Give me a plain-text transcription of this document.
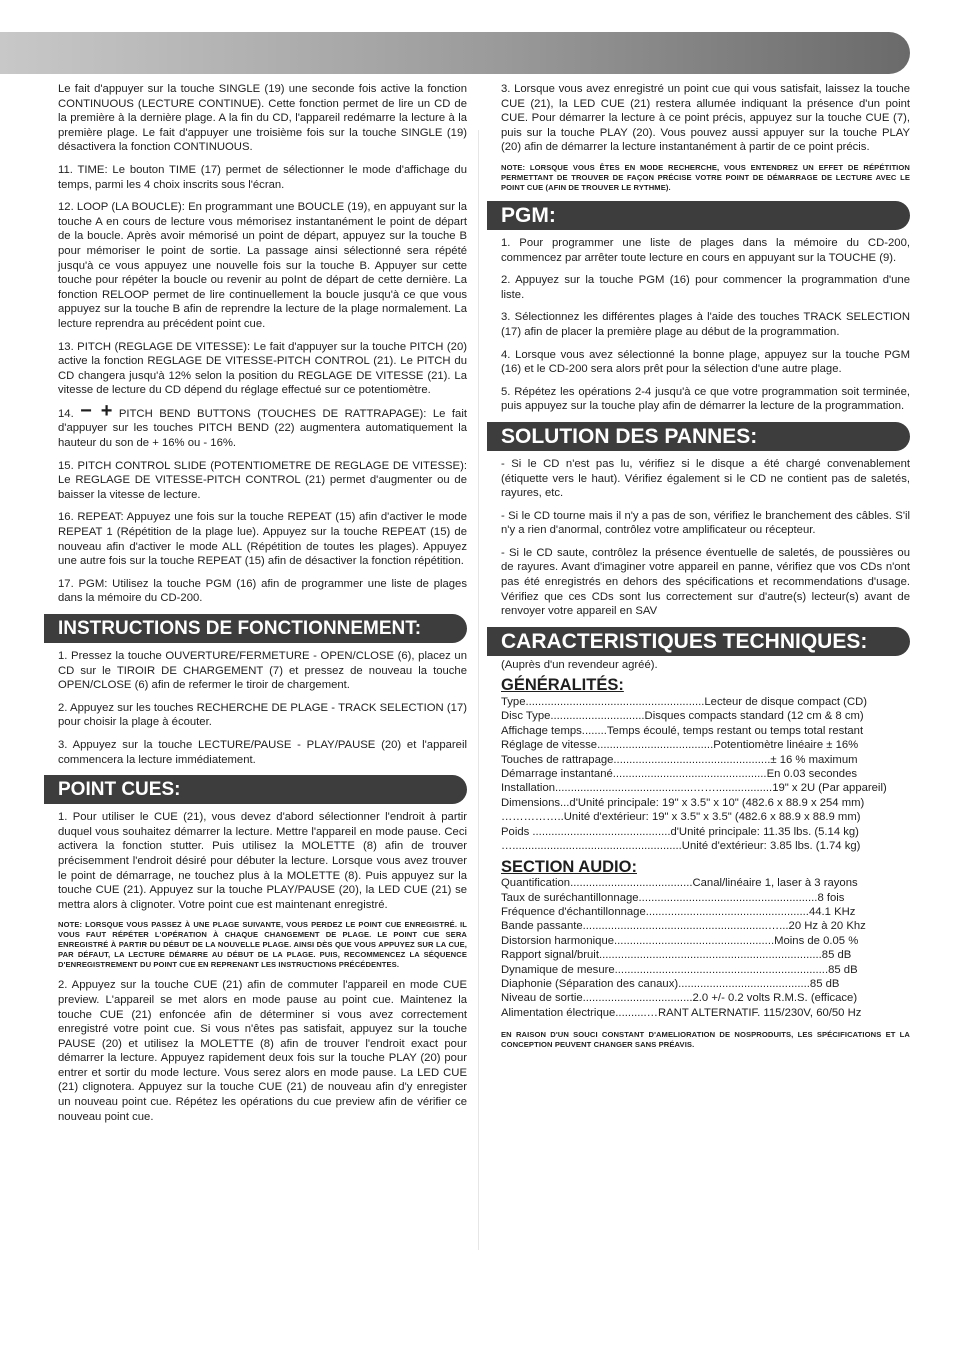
Le fait d'appuyer sur la touche SINGLE (19) une seconde fois active la fonction CONTINUOUS (LECTURE CONTINUE). Cette fonction permet de lire un CD de la première à la dernière plage. A la fin du CD, l'appareil redémarre la lecture à la première plage. Le fait d'appuyer une troisième fois sur la touche SINGLE (19) désactivera la fonction CONTINUOUS.

11. TIME: Le bouton TIME (17) permet de sélectionner le mode d'affichage du temps, parmi les 4 choix inscrits sous l'écran.

12. LOOP (LA BOUCLE): En programmant une BOUCLE (19), en appuyant sur la touche A en cours de lecture vous mémorisez instantanément le point de départ de la boucle. Après avoir mémorisé un point de départ, appuyez sur la touche B pour mémoriser le point de sortie. La passage ainsi sélectionné sera répété jusqu'à ce vous appuyez une nouvelle fois sur la touche B. Appuyer sur cette touche pour répéter la boucle ou revenir au poInt de départ de cette dernière. La fonction RELOOP permet de lire continuellement la boucle jusqu'à ce que vous appuyez sur la touche B afin de reprendre la lecture de la plage normalement. La lecture reprendra au précédent point cue.

13. PITCH (REGLAGE DE VITESSE): Le fait d'appuyer sur la touche PITCH (20) active la fonction REGLAGE DE VITESSE-PITCH CONTROL (21). Le PITCH du CD changera jusqu'à 12% selon la position du REGLAGE DE VITESSE (21). La vitesse de lecture du CD dépend du réglage effectué sur ce potentiomètre.

14. − + PITCH BEND BUTTONS (TOUCHES DE RATTRAPAGE): Le fait d'appuyer sur les touches PITCH BEND (22) augmentera automatiquement la hauteur du son de + 16% ou - 16%.

15. PITCH CONTROL SLIDE (POTENTIOMETRE DE REGLAGE DE VITESSE): Le REGLAGE DE VITESSE-PITCH CONTROL (21) permet d'augmenter ou de baisser la vitesse de lecture.

16. REPEAT: Appuyez une fois sur la touche REPEAT (15) afin d'activer le mode REPEAT 1 (Répétition de la plage lue). Appuyez sur la touche REPEAT (15) de nouveau afin d'activer le mode ALL (Répétition de toutes les plages). Appuyez une autre fois sur la touche REPEAT (15) afin de désactiver la fonction répétition.

17. PGM: Utilisez la touche PGM (16) afin de programmer une liste de plages dans la mémoire du CD-200.

INSTRUCTIONS DE FONCTIONNEMENT:

1. Pressez la touche OUVERTURE/FERMETURE - OPEN/CLOSE (6), placez un CD sur le TIROIR DE CHARGEMENT (7) et pressez de nouveau la touche OPEN/CLOSE (6) afin de refermer le tiroir de chargement.

2. Appuyez sur les touches RECHERCHE DE PLAGE - TRACK SELECTION (17) pour choisir la plage à écouter.

3. Appuyez sur la touche LECTURE/PAUSE - PLAY/PAUSE (20) et l'appareil commencera la lecture immédiatement.

POINT CUES:

1. Pour utiliser le CUE (21), vous devez d'abord sélectionner l'endroit à partir duquel vous souhaitez démarrer la lecture. Mettre l'appareil en mode pause. Ceci activera la fonction stutter. Puis utilisez la MOLETTE (8) afin de trouver précisemment l'endroit désiré pour débuter la lecture. Lorsque vous avez trouver le point de démarrage, ne touchez plus à la MOLETTE (8). Puis appuyez sur la touche CUE (21). Appuyez sur la touche PLAY/PAUSE (20), la LED CUE (21) se mettra alors à clignoter. Votre point cue est maintenant enregistré.

NOTE: LORSQUE VOUS PASSEZ À UNE PLAGE SUIVANTE, VOUS PERDEZ LE POINT CUE ENREGISTRÉ. IL VOUS FAUT RÉPÉTER L'OPÉRATION À CHAQUE CHANGEMENT DE PLAGE. LE POINT CUE SERA ENREGISTRÉ À PARTIR DU DÉBUT DE LA NOUVELLE PLAGE. AINSI DÈS QUE VOUS APPUYEZ SUR LA CUE, PAR DÉFAUT, LA LECTURE DÉMARRE AU DÉBUT DE LA PLAGE. PUIS, RECOMMENCEZ LA SÉQUENCE D'ENREGISTREMENT DU POINT CUE EN REPRENANT LES INSTRUCTIONS PRÉCÉDENTES.

2. Appuyez sur la touche CUE (21) afin de commuter l'appareil en mode CUE preview. L'appareil se met alors en mode pause au point cue. Maintenez la touche CUE (21) enfoncée afin de déterminer si vous avez correctement enregistré votre point cue. Si vous n'êtes pas satisfait, appuyez sur la touche PAUSE (20) et utilisez la MOLETTE (8) afin de trouver l'endroit exact pour démarrer la lecture. Appuyez rapidement deux fois sur la touche PLAY (20) pour entrer et sortir du mode lecture. Vous serez alors en mode pause. La LED CUE (21) clignotera. Appuyez sur la touche CUE (21) de nouveau afin d'y enregister un nouveau point cue. Répétez les opérations du cue preview afin de vérifier ce nouveau point cue.

3. Lorsque vous avez enregistré un point cue qui vous satisfait, laissez la touche CUE (21), la LED CUE (21) restera allumée indiquant la présence d'un point CUE. Pour démarrer la lecture à ce point précis, appuyez sur la touche CUE (7), puis sur la touche PLAY (20). Vous pouvez aussi appuyer sur la touche PLAY (20) afin de démarrer la lecture instantanément à partir de ce point précis.

NOTE: LORSQUE VOUS ÊTES EN MODE RECHERCHE, VOUS ENTENDREZ UN EFFET DE RÉPÉTITION PERMETTANT DE TROUVER DE FAÇON PRÉCISE VOTRE POINT DE DÉMARRAGE DE LECTURE AVEC LE POINT CUE (AFIN DE TROUVER LE RYTHME).
PGM:

1. Pour programmer une liste de plages dans la mémoire du CD-200, commencez par arrêter toute lecture en cours en appuyant sur la TOUCHE (9).

2. Appuyez sur la touche PGM (16) pour commencer la programmation d'une liste.

3. Sélectionnez les différentes plages à l'aide des touches TRACK SELECTION (17) afin de placer la première plage au début de la programmation.

4. Lorsque vous avez sélectionné la bonne plage, appuyez sur la touche PGM (16) et le CD-200 sera alors prêt pour la sélection d'une autre plage.

5. Répétez les opérations 2-4 jusqu'à ce que votre programmation soit terminée, puis appuyez sur la touche play afin de démarrer la lecture de la programmation.

SOLUTION DES PANNES:

- Si le CD n'est pas lu, vérifiez si le disque a été chargé convenablement (étiquette vers le haut). Vérifiez également si le CD ne contient pas de saletés, rayures, etc.

- Si le CD tourne mais il n'y a pas de son, vérifiez le branchement des câbles. S'il n'y a rien d'anormal, contrôlez votre amplificateur ou récepteur.

- Si le CD saute, contrôlez la présence éventuelle de saletés, de poussières ou de rayures. Avant d'imaginer votre appareil en panne, vérifiez que vos CDs n'ont pas été enregistrés en dehors des spécifications et recommendations d'usage. Vérifiez que ces CDs sont lus correctement sur d'autre(s) lecteur(s) avant de renvoyer votre appareil en SAV

CARACTERISTIQUES TECHNIQUES:
(Auprès d'un revendeur agréé).
GÉNÉRALITÉS:
Type.........................................................Lecteur de disque compact (CD)
Disc Type..............................Disques compacts standard (12 cm & 8 cm)
Affichage temps........Temps écoulé, temps restant ou temps total restant
Réglage de vitesse.....................................Potentiomètre linéaire ± 16%
Touches de rattrapage..................................................± 16 % maximum
Démarrage instantané.................................................En 0.03 secondes
Installation............................................……..................19" x 2U (Par appareil)
Dimensions...d'Unité principale: 19" x 3.5" x 10" (482.6 x 88.9 x 254 mm)
……………..Unité d'extérieur: 19" x 3.5" x 3.5" (482.6 x 88.9 x 88.9 mm)
Poids ............................................d'Unité principale: 11.35 lbs. (5.14 kg)
…......................................................Unité d'extérieur: 3.85 lbs. (1.74 kg)
SECTION AUDIO:
Quantification.......................................Canal/linéaire 1, laser à 3 rayons
Taux de suréchantillonnage.........................................................8 fois
Fréquence d'échantillonnage....................................................44.1 KHz
Bande passante...........................................................…...20 Hz à 20 Khz
Distorsion harmonique...................................................Moins de 0.05 %
Rapport signal/bruit.......................................................................85 dB
Dynamique de mesure....................................................................85 dB
Diaphonie (Séparation des canaux)..........................................85 dB
Niveau de sortie...................................2.0 +/- 0.2 volts R.M.S. (efficace)
Alimentation électrique..........…RANT ALTERNATIF. 115/230V, 60/50 Hz
EN RAISON D'UN SOUCI CONSTANT D'AMELIORATION DE NOSPRODUITS, LES SPÉCIFICATIONS ET LA CONCEPTION PEUVENT CHANGER SANS PRÉAVIS.
